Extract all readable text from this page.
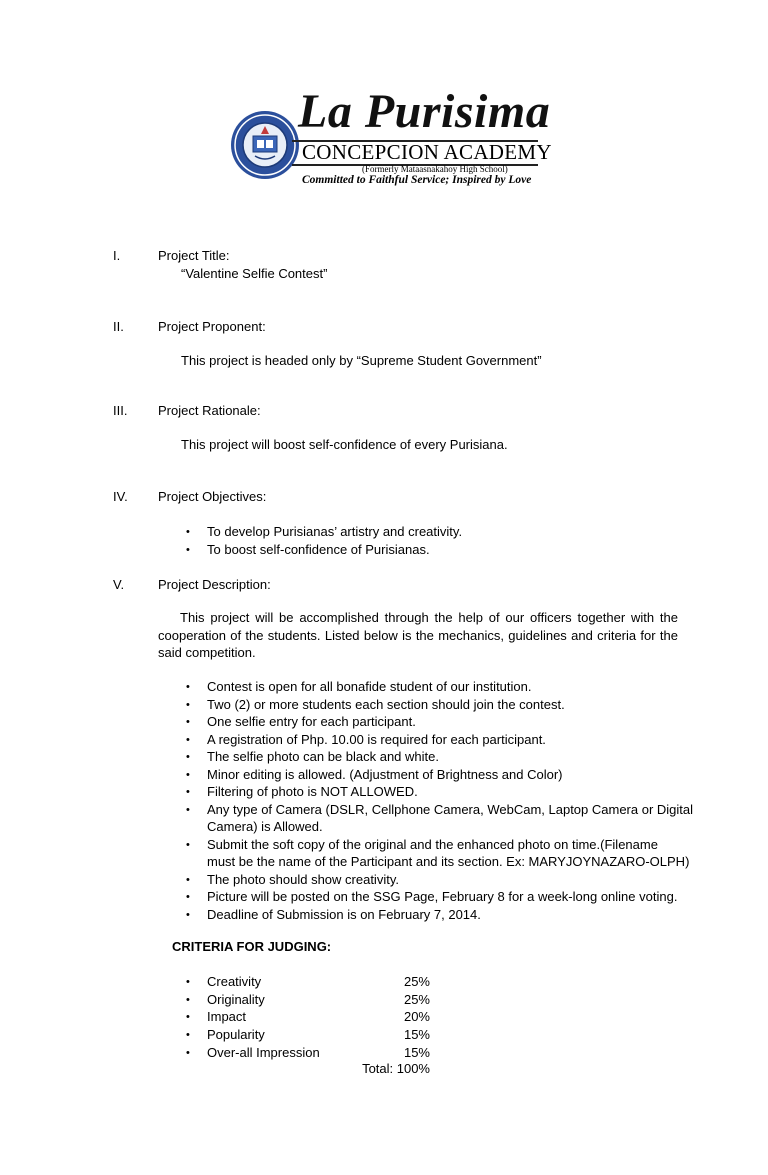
La Purisima
CONCEPCION ACADEMY
(Formerly Mataasnakahoy High School)
Committed to Faithful Service; Inspired by Love
I.	Project Title:
“Valentine Selfie Contest”
II.	Project Proponent:
This project is headed only by “Supreme Student Government”
III. Project Rationale:
This project will boost self-confidence of every Purisiana.
IV. Project Objectives:
• To develop Purisianas’ artistry and creativity.
• To boost self-confidence of Purisianas.
V.	Project Description:
This project will be accomplished through the help of our officers together with the cooperation of the students. Listed below is the mechanics, guidelines and criteria for the said competition.
• Contest is open for all bonafide student of our institution.
• Two (2) or more students each section should join the contest.
• One selfie entry for each participant.
• A registration of Php. 10.00 is required for each participant.
• The selfie photo can be black and white.
• Minor editing is allowed. (Adjustment of Brightness and Color)
• Filtering of photo is NOT ALLOWED.
• Any type of Camera (DSLR, Cellphone Camera, WebCam, Laptop Camera or Digital
Camera) is Allowed.
• Submit the soft copy of the original and the enhanced photo on time.(Filename
must be the name of the Participant and its section. Ex: MARYJOYNAZARO-OLPH)
• The photo should show creativity.
• Picture will be posted on the SSG Page, February 8 for a week-long online voting.
• Deadline of Submission is on February 7, 2014.
CRITERIA FOR JUDGING:
• Creativity	25%
• Originality	25%
• Impact	20%
• Popularity	15%
• Over-all Impression	15%
Total: 100%
